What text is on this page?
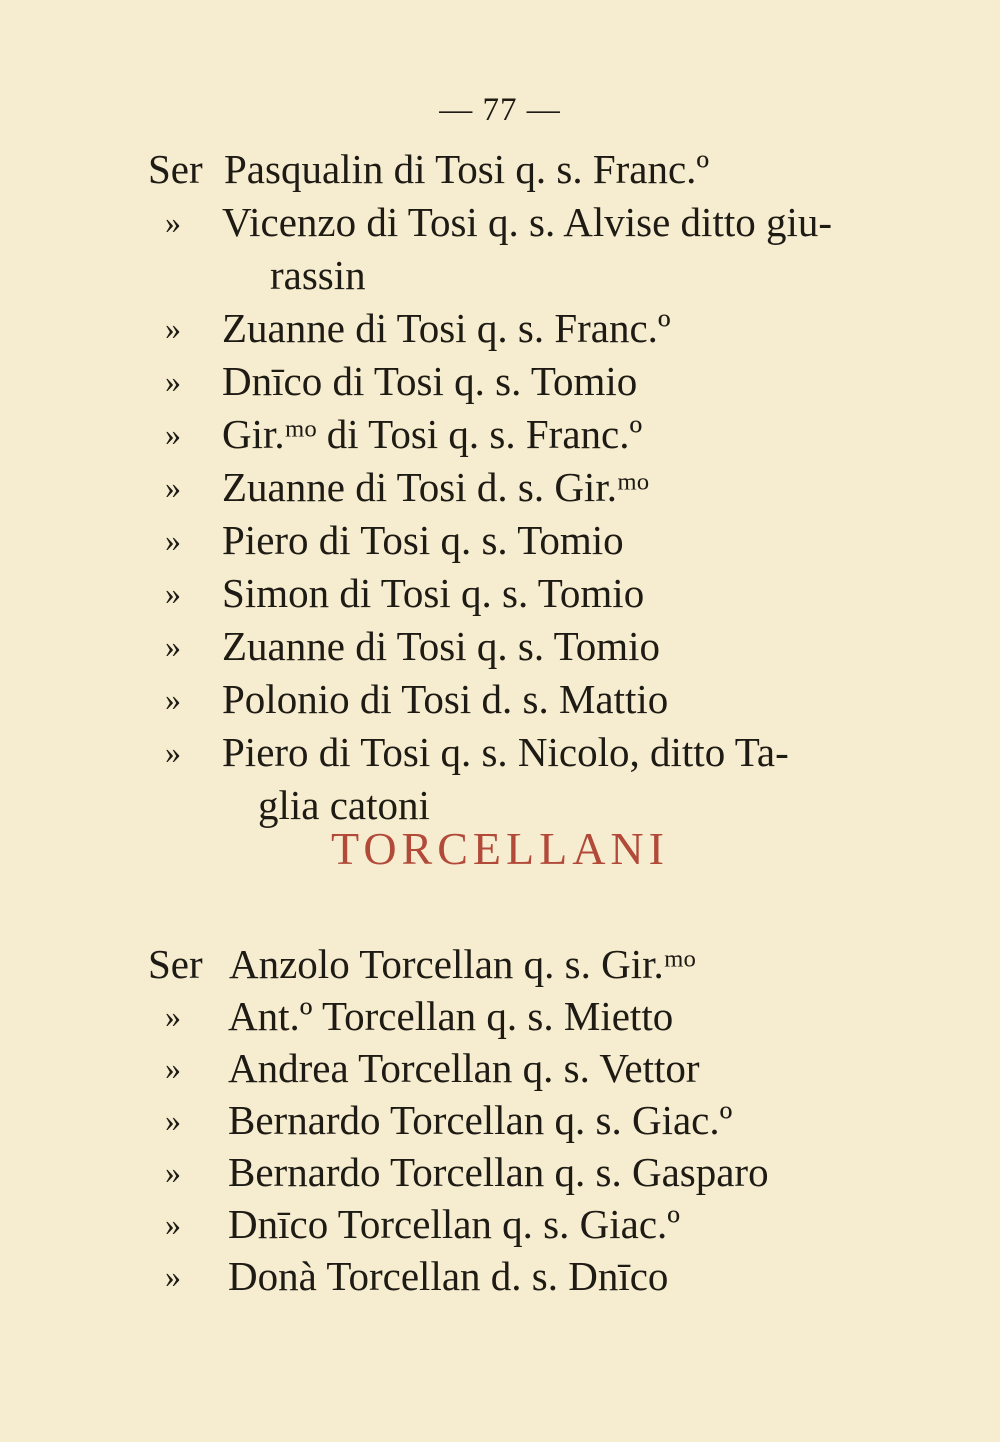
— 77 —
Ser Pasqualin di Tosi q. s. Franc.º
» Vicenzo di Tosi q. s. Alvise ditto giu-
rassin
» Zuanne di Tosi q. s. Franc.º
» Dnīco di Tosi q. s. Tomio
» Gir.ᵐᵒ di Tosi q. s. Franc.º
» Zuanne di Tosi d. s. Gir.ᵐᵒ
» Piero di Tosi q. s. Tomio
» Simon di Tosi q. s. Tomio
» Zuanne di Tosi q. s. Tomio
» Polonio di Tosi d. s. Mattio
» Piero di Tosi q. s. Nicolo, ditto Ta-
glia catoni
TORCELLANI
Ser Anzolo Torcellan q. s. Gir.ᵐᵒ
» Ant.º Torcellan q. s. Mietto
» Andrea Torcellan q. s. Vettor
» Bernardo Torcellan q. s. Giac.º
» Bernardo Torcellan q. s. Gasparo
» Dnīco Torcellan q. s. Giac.º
» Donà Torcellan d. s. Dnīco
